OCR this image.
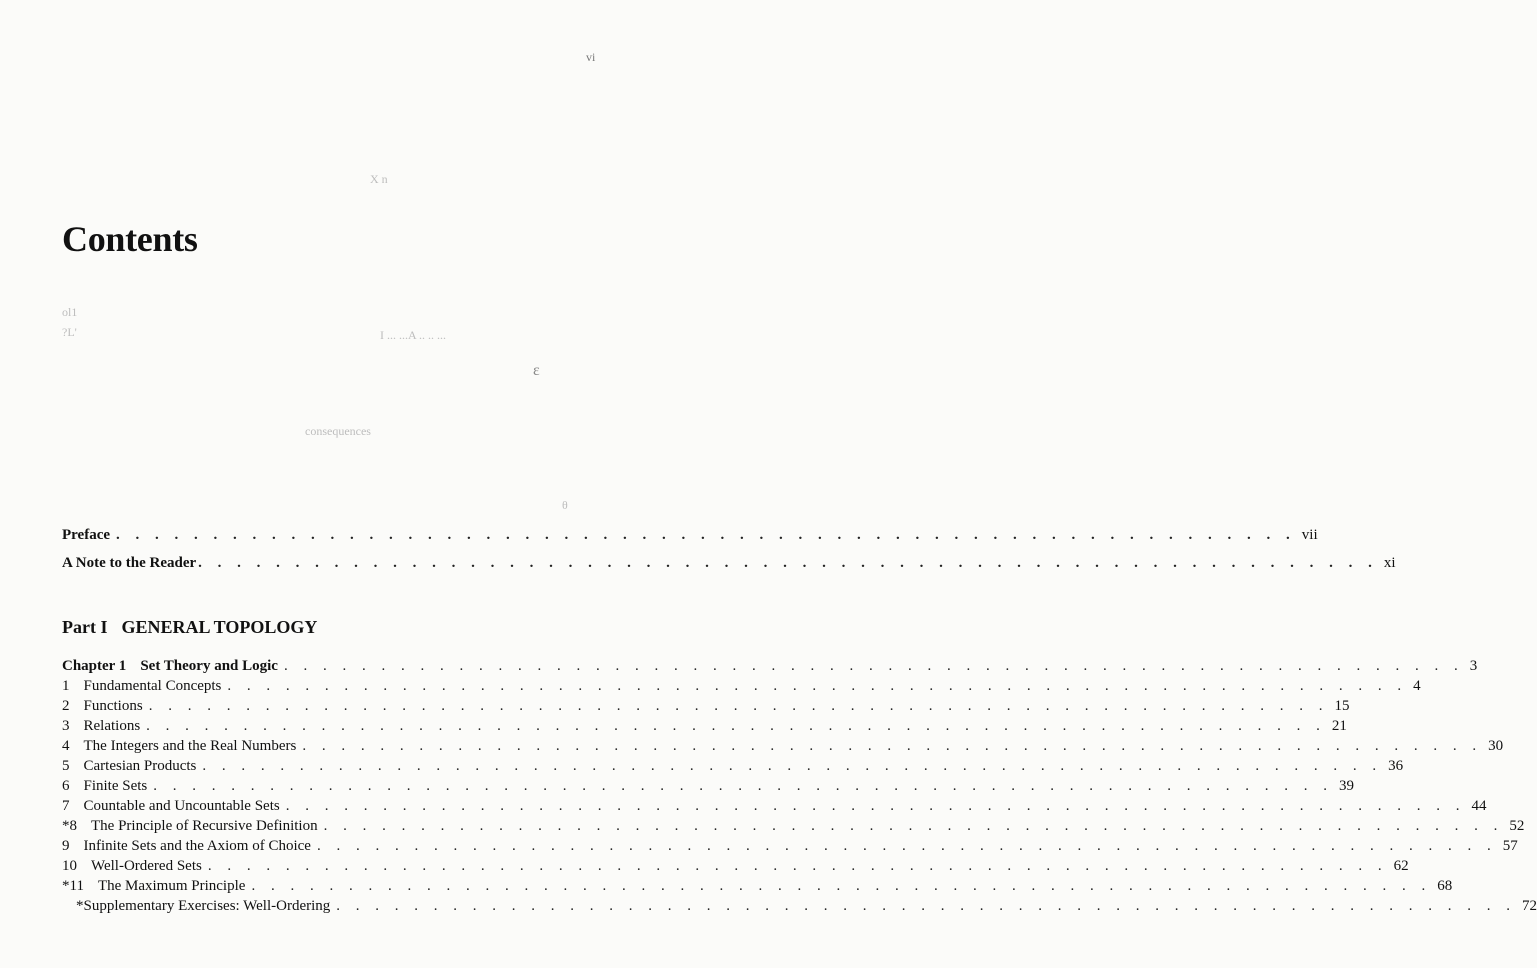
vi
X n
ol1
?L'	I ... ...A .. .. ...
ε
consequences
θ
Contents
Preface . . . . . . . . . . . . . . . . . . . . . . . . . . . . . . . . . . . . . . . . . . . . . . . . . . . . . . . . . . . . . vii
A Note to the Reader . . . . . . . . . . . . . . . . . . . . . . . . . . . . . . . . . . . . . . . . . . . . . . . . . . . . . . . . . . . . . xi
Part I GENERAL TOPOLOGY
Chapter 1 Set Theory and Logic . . . . . . . . . . . . . . . . . . . . . . . . . . . . . . . . . . . . . . . . . . . . . . . . . . . . . . . . . . . . . 3
1 Fundamental Concepts . . . . . . . . . . . . . . . . . . . . . . . . . . . . . . . . . . . . . . . . . . . . . . . . . . . . . . . . . . . . . 4
2 Functions . . . . . . . . . . . . . . . . . . . . . . . . . . . . . . . . . . . . . . . . . . . . . . . . . . . . . . . . . . . . . 15
3 Relations . . . . . . . . . . . . . . . . . . . . . . . . . . . . . . . . . . . . . . . . . . . . . . . . . . . . . . . . . . . . . 21
4 The Integers and the Real Numbers . . . . . . . . . . . . . . . . . . . . . . . . . . . . . . . . . . . . . . . . . . . . . . . . . . . . . . . . . . . . . 30
5 Cartesian Products . . . . . . . . . . . . . . . . . . . . . . . . . . . . . . . . . . . . . . . . . . . . . . . . . . . . . . . . . . . . . 36
6 Finite Sets . . . . . . . . . . . . . . . . . . . . . . . . . . . . . . . . . . . . . . . . . . . . . . . . . . . . . . . . . . . . . 39
7 Countable and Uncountable Sets . . . . . . . . . . . . . . . . . . . . . . . . . . . . . . . . . . . . . . . . . . . . . . . . . . . . . . . . . . . . . 44
*8 The Principle of Recursive Definition . . . . . . . . . . . . . . . . . . . . . . . . . . . . . . . . . . . . . . . . . . . . . . . . . . . . . . . . . . . . . 52
9 Infinite Sets and the Axiom of Choice . . . . . . . . . . . . . . . . . . . . . . . . . . . . . . . . . . . . . . . . . . . . . . . . . . . . . . . . . . . . . 57
10 Well-Ordered Sets . . . . . . . . . . . . . . . . . . . . . . . . . . . . . . . . . . . . . . . . . . . . . . . . . . . . . . . . . . . . . 62
*11 The Maximum Principle . . . . . . . . . . . . . . . . . . . . . . . . . . . . . . . . . . . . . . . . . . . . . . . . . . . . . . . . . . . . . 68
*Supplementary Exercises: Well-Ordering . . . . . . . . . . . . . . . . . . . . . . . . . . . . . . . . . . . . . . . . . . . . . . . . . . . . . . . . . . . . . 72
